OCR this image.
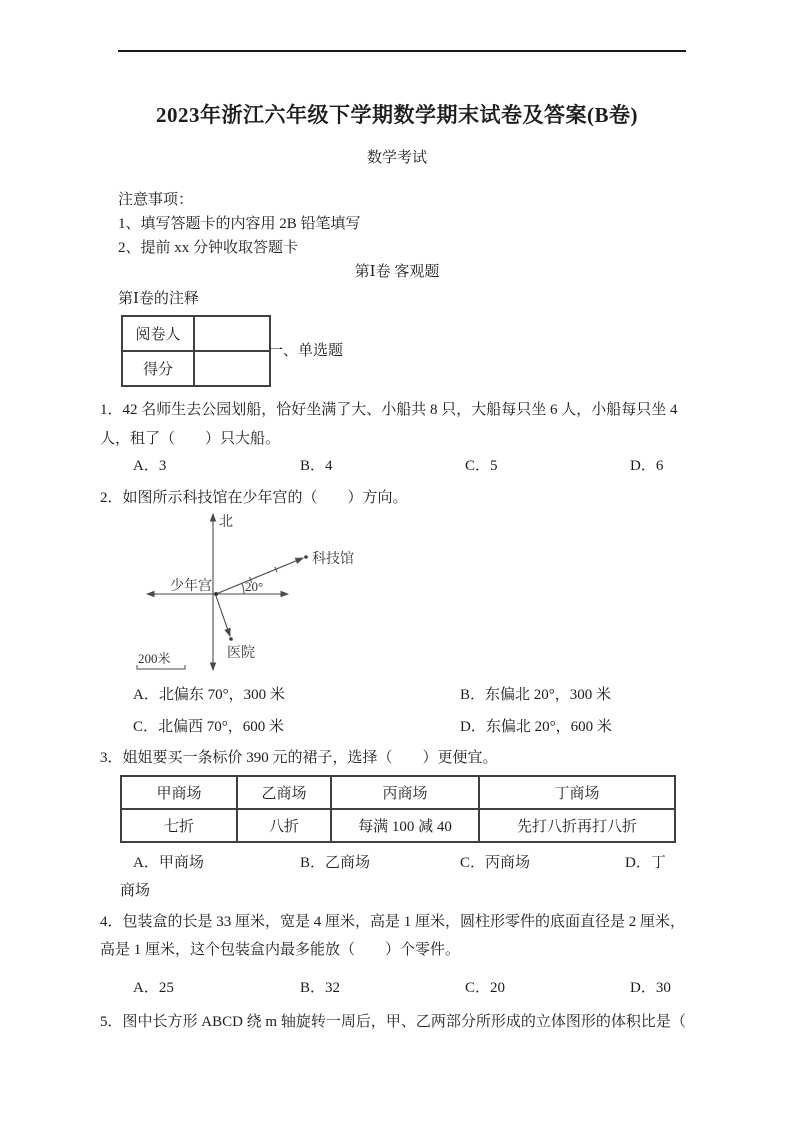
2023年浙江六年级下学期数学期末试卷及答案(B卷)
数学考试
注意事项：
1、填写答题卡的内容用 2B 铅笔填写
2、提前 xx 分钟收取答题卡
第Ⅰ卷 客观题
第Ⅰ卷的注释
阅卷人	
得分	
一、单选题
1．42 名师生去公园划船，恰好坐满了大、小船共 8 只，大船每只坐 6 人，小船每只坐 4
人，租了（　　）只大船。
A．3	B．4	C．5	D．6
2．如图所示科技馆在少年宫的（　　）方向。
北
少年宫
科技馆
20°
医院
200米
A．北偏东 70°，300 米	B．东偏北 20°，300 米
C．北偏西 70°，600 米	D．东偏北 20°，600 米
3．姐姐要买一条标价 390 元的裙子，选择（　　）更便宜。
甲商场	乙商场	丙商场	丁商场
七折	八折	每满 100 减 40	先打八折再打八折
A．甲商场	B．乙商场	C．丙商场	D．丁
商场
4．包装盒的长是 33 厘米，宽是 4 厘米，高是 1 厘米，圆柱形零件的底面直径是 2 厘米，
高是 1 厘米，这个包装盒内最多能放（　　）个零件。
A．25	B．32	C．20	D．30
5．图中长方形 ABCD 绕 m 轴旋转一周后，甲、乙两部分所形成的立体图形的体积比是（
